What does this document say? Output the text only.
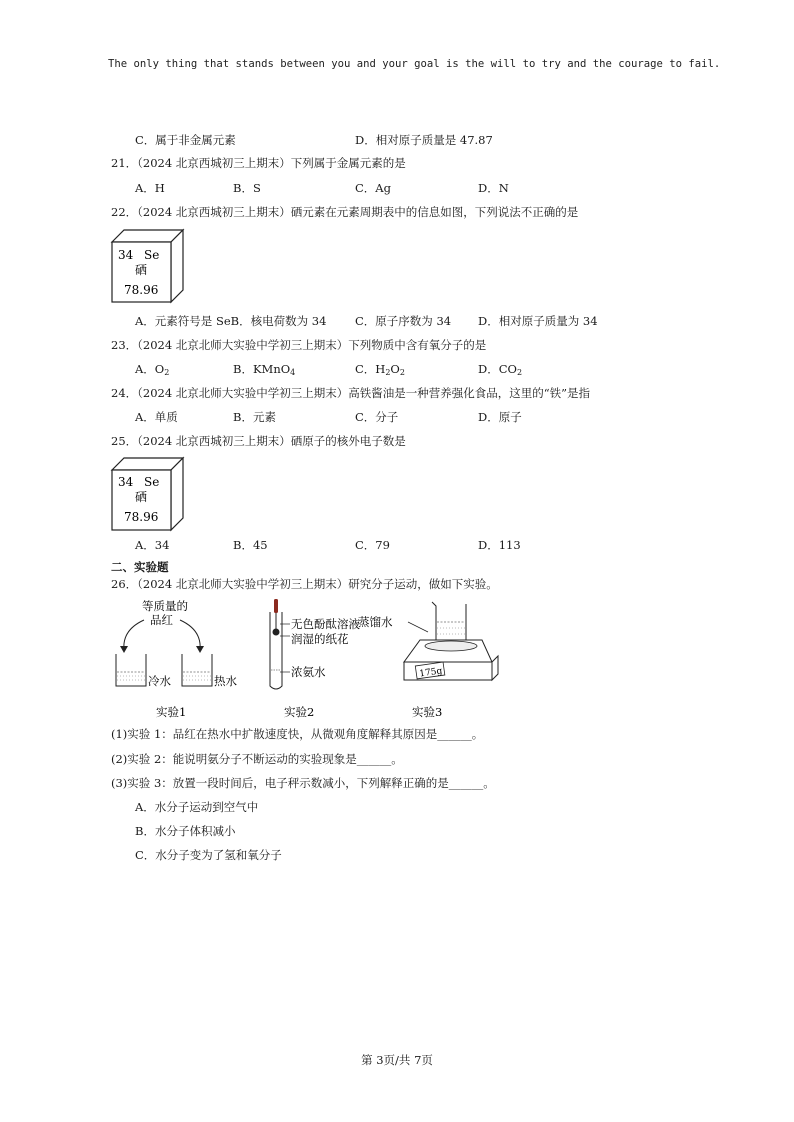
The only thing that stands between you and your goal is the will to try and the courage to fail.
C．属于非金属元素	D．相对原子质量是 47.87
21．（2024 北京西城初三上期末）下列属于金属元素的是
A．H	B．S	C．Ag	D．N
22．（2024 北京西城初三上期末）硒元素在元素周期表中的信息如图，下列说法不正确的是
34 Se
硒
78.96
A．元素符号是 SeB．核电荷数为 34 C．原子序数为 34 D．相对原子质量为 34
23．（2024 北京北师大实验中学初三上期末）下列物质中含有氧分子的是
A．$O_2$	B．KMnO$_4$	C．$H_2O_2$	D．$CO_2$
24．（2024 北京北师大实验中学初三上期末）高铁酱油是一种营养强化食品，这里的“铁”是指
A．单质	B．元素	C．分子	D．原子
25．（2024 北京西城初三上期末）硒原子的核外电子数是
34 Se
硒
78.96
A．34	B．45	C．79	D．113
二、实验题
26．（2024 北京北师大实验中学初三上期末）研究分子运动，做如下实验。
等质量的
品红
冷水	热水
实验1
无色酚酞溶液
润湿的纸花
浓氨水
实验2
蒸馏水
175g
实验3
(1)实验 1：品红在热水中扩散速度快，从微观角度解释其原因是______。
(2)实验 2：能说明氨分子不断运动的实验现象是______。
(3)实验 3：放置一段时间后，电子秤示数减小，下列解释正确的是______。
A．水分子运动到空气中
B．水分子体积减小
C．水分子变为了氢和氧分子
第 3页/共 7页
